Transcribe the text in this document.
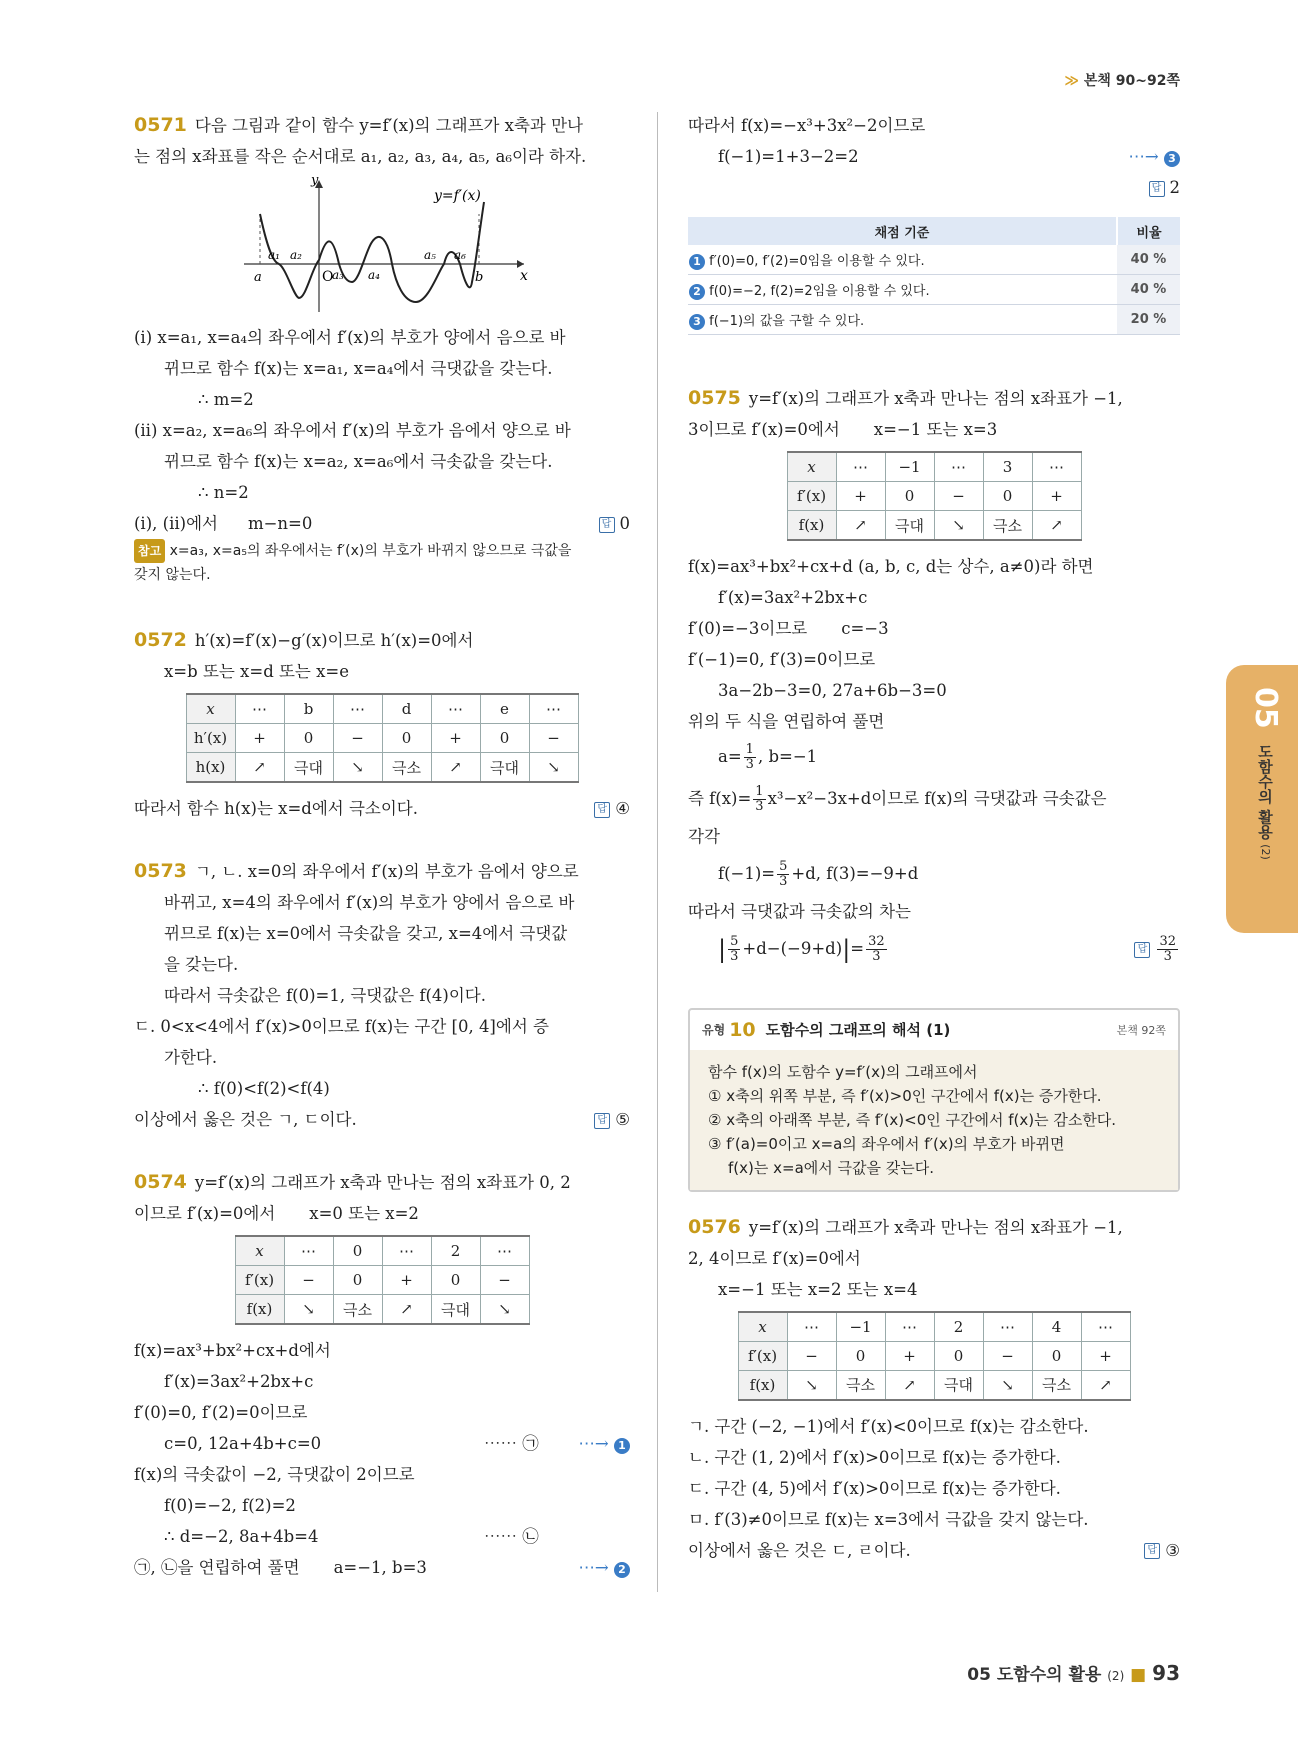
≫ 본책 90~92쪽
0571 다음 그림과 같이 함수 y=f′(x)의 그래프가 x축과 만나
는 점의 x좌표를 작은 순서대로 a₁, a₂, a₃, a₄, a₅, a₆이라 하자.
y
y=f′(x)
x
O
a	b
a₁ a₂
a₃ a₄
a₅ a₆
(ⅰ) x=a₁, x=a₄의 좌우에서 f′(x)의 부호가 양에서 음으로 바
뀌므로 함수 f(x)는 x=a₁, x=a₄에서 극댓값을 갖는다.
∴ m=2
(ⅱ) x=a₂, x=a₆의 좌우에서 f′(x)의 부호가 음에서 양으로 바
뀌므로 함수 f(x)는 x=a₂, x=a₆에서 극솟값을 갖는다.
∴ n=2
(ⅰ), (ⅱ)에서 m−n=0	답 0
참고 x=a₃, x=a₅의 좌우에서는 f′(x)의 부호가 바뀌지 않으므로 극값을
갖지 않는다.
0572 h′(x)=f′(x)−g′(x)이므로 h′(x)=0에서
x=b 또는 x=d 또는 x=e
x	⋯	b	⋯	d	⋯	e	⋯
h′(x)	+	0	−	0	+	0	−
h(x)	↗	극대	↘	극소	↗	극대	↘
따라서 함수 h(x)는 x=d에서 극소이다.	답 ④
0573 ㄱ, ㄴ. x=0의 좌우에서 f′(x)의 부호가 음에서 양으로
바뀌고, x=4의 좌우에서 f′(x)의 부호가 양에서 음으로 바
뀌므로 f(x)는 x=0에서 극솟값을 갖고, x=4에서 극댓값
을 갖는다.
따라서 극솟값은 f(0)=1, 극댓값은 f(4)이다.
ㄷ. 0<x<4에서 f′(x)>0이므로 f(x)는 구간 [0, 4]에서 증
가한다.
∴ f(0)<f(2)<f(4)
이상에서 옳은 것은 ㄱ, ㄷ이다.	답 ⑤
0574 y=f′(x)의 그래프가 x축과 만나는 점의 x좌표가 0, 2
이므로 f′(x)=0에서 x=0 또는 x=2
x	⋯	0	⋯	2	⋯
f′(x)	−	0	+	0	−
f(x)	↘	극소	↗	극대	↘
f(x)=ax³+bx²+cx+d에서
f′(x)=3ax²+2bx+c
f′(0)=0, f′(2)=0이므로
c=0, 12a+4b+c=0	⋯⋯ ㉠ ⋯→ 1
f(x)의 극솟값이 −2, 극댓값이 2이므로
f(0)=−2, f(2)=2
∴ d=−2, 8a+4b=4	⋯⋯ ㉡
㉠, ㉡을 연립하여 풀면 a=−1, b=3	⋯→ 2
따라서 f(x)=−x³+3x²−2이므로
f(−1)=1+3−2=2	⋯→ 3
답 2

채점 기준	비율
1 f′(0)=0, f′(2)=0임을 이용할 수 있다.	40 %
2 f(0)=−2, f(2)=2임을 이용할 수 있다.	40 %
3 f(−1)의 값을 구할 수 있다.	20 %
0575 y=f′(x)의 그래프가 x축과 만나는 점의 x좌표가 −1,
3이므로 f′(x)=0에서 x=−1 또는 x=3
x	⋯	−1	⋯	3	⋯
f′(x)	+	0	−	0	+
f(x)	↗	극대	↘	극소	↗
f(x)=ax³+bx²+cx+d (a, b, c, d는 상수, a≠0)라 하면
f′(x)=3ax²+2bx+c
f′(0)=−3이므로 c=−3
f′(−1)=0, f′(3)=0이므로
3a−2b−3=0, 27a+6b−3=0
위의 두 식을 연립하여 풀면
$a= \frac{1}{3}$ , b=−1
즉 $f(x)= \frac{1}{3} x^3-x^2-3x+d$이므로 f(x)의 극댓값과 극솟값은
각각
$f(-1)= \frac{5}{3} +d$, f(3)=−9+d
따라서 극댓값과 극솟값의 차는
| $\frac{5}{3} +d-(-9+d)|= \frac{32}{3}$	답 $\frac{32}{3}$
유형 10 도함수의 그래프의 해석 (1)	본책 92쪽
함수 f(x)의 도함수 y=f′(x)의 그래프에서
① x축의 위쪽 부분, 즉 f′(x)>0인 구간에서 f(x)는 증가한다.
② x축의 아래쪽 부분, 즉 f′(x)<0인 구간에서 f(x)는 감소한다.
③ f′(a)=0이고 x=a의 좌우에서 f′(x)의 부호가 바뀌면
f(x)는 x=a에서 극값을 갖는다.
0576 y=f′(x)의 그래프가 x축과 만나는 점의 x좌표가 −1,
2, 4이므로 f′(x)=0에서
x=−1 또는 x=2 또는 x=4
x	⋯	−1	⋯	2	⋯	4	⋯
f′(x)	−	0	+	0	−	0	+
f(x)	↘	극소	↗	극대	↘	극소	↗
ㄱ. 구간 (−2, −1)에서 f′(x)<0이므로 f(x)는 감소한다.
ㄴ. 구간 (1, 2)에서 f′(x)>0이므로 f(x)는 증가한다.
ㄷ. 구간 (4, 5)에서 f′(x)>0이므로 f(x)는 증가한다.
ㅁ. f′(3)≠0이므로 f(x)는 x=3에서 극값을 갖지 않는다.
이상에서 옳은 것은 ㄷ, ㄹ이다.	답 ③
05 도함수의 활용 (2)
05 도함수의 활용 (2) ■ 93
